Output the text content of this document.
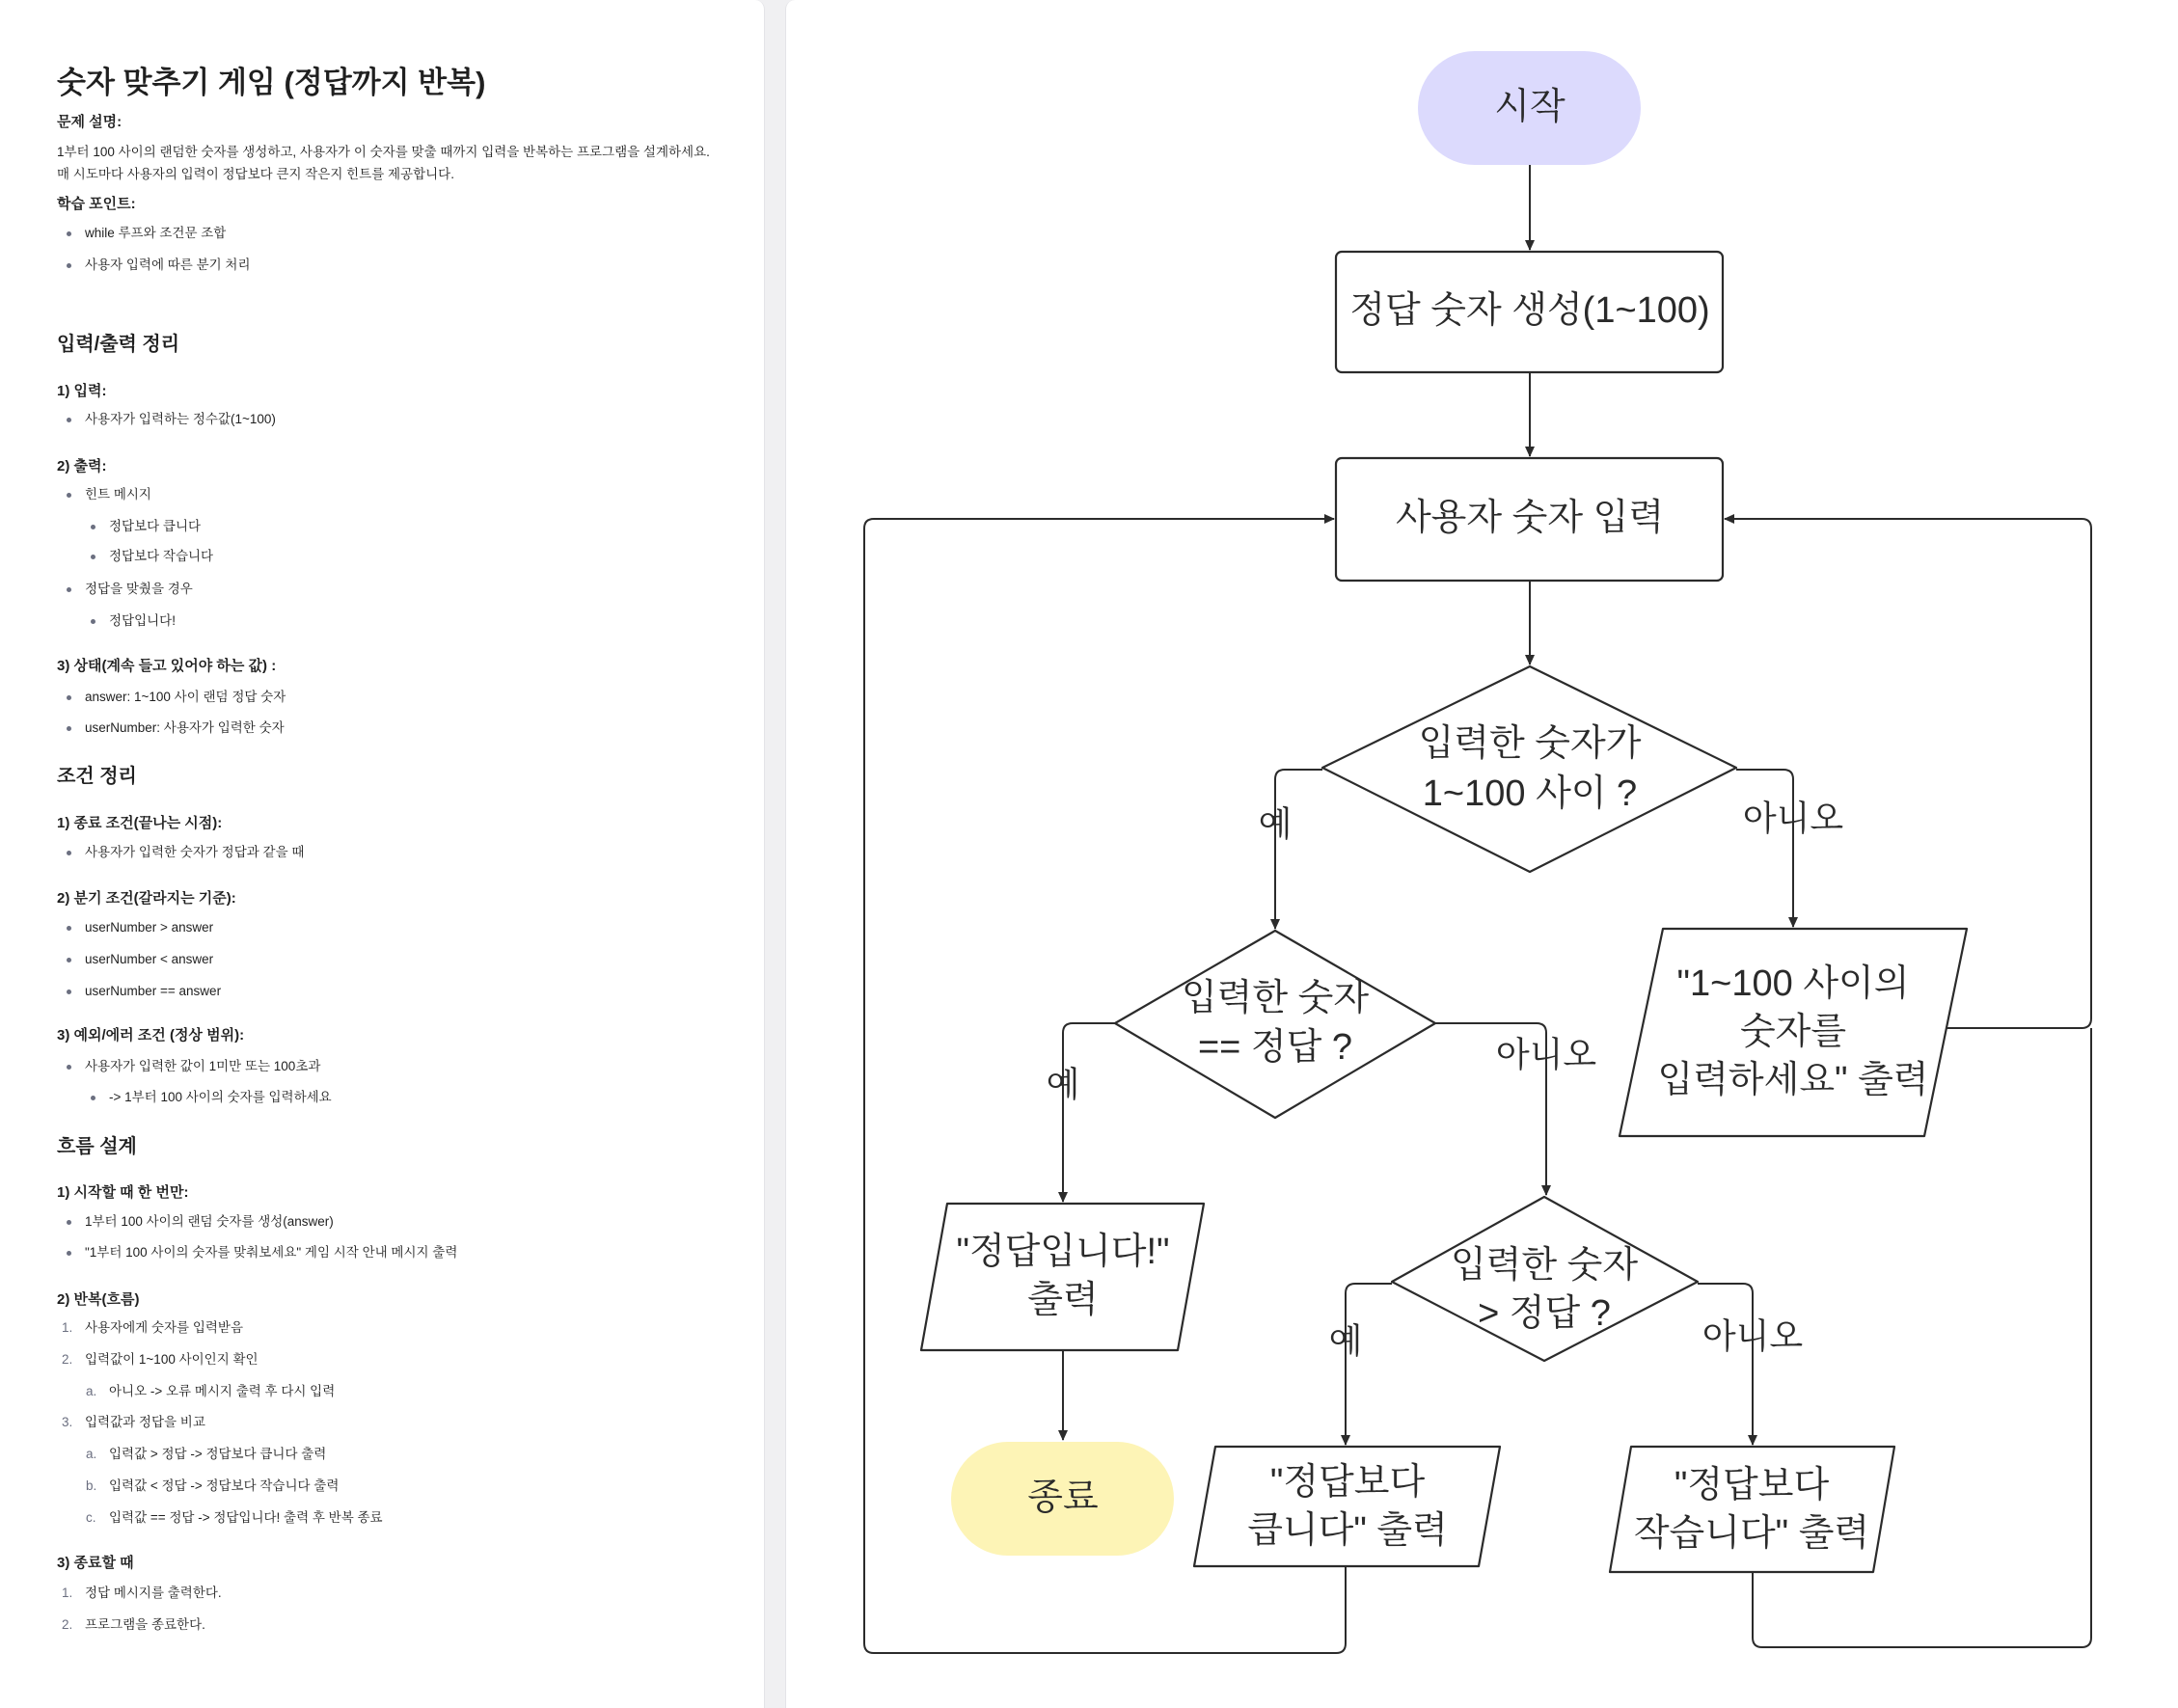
숫자 맞추기 게임 (정답까지 반복)
문제 설명:
1부터 100 사이의 랜덤한 숫자를 생성하고, 사용자가 이 숫자를 맞출 때까지 입력을 반복하는 프로그램을 설계하세요.
매 시도마다 사용자의 입력이 정답보다 큰지 작은지 힌트를 제공합니다.
학습 포인트:
while 루프와 조건문 조합
사용자 입력에 따른 분기 처리
입력/출력 정리
1) 입력:
사용자가 입력하는 정수값(1~100)
2) 출력:
힌트 메시지
정답보다 큽니다
정답보다 작습니다
정답을 맞췄을 경우
정답입니다!
3) 상태(계속 들고 있어야 하는 값) :
answer: 1~100 사이 랜덤 정답 숫자
userNumber: 사용자가 입력한 숫자
조건 정리
1) 종료 조건(끝나는 시점):
사용자가 입력한 숫자가 정답과 같을 때
2) 분기 조건(갈라지는 기준):
userNumber > answer
userNumber < answer
userNumber == answer
3) 예외/에러 조건 (정상 범위):
사용자가 입력한 값이 1미만 또는 100초과
-> 1부터 100 사이의 숫자를 입력하세요
흐름 설계
1) 시작할 때 한 번만:
1부터 100 사이의 랜덤 숫자를 생성(answer)
"1부터 100 사이의 숫자를 맞춰보세요" 게임 시작 안내 메시지 출력
2) 반복(흐름)
1. 사용자에게 숫자를 입력받음
2. 입력값이 1~100 사이인지 확인
a. 아니오 -> 오류 메시지 출력 후 다시 입력
3. 입력값과 정답을 비교
a. 입력값 > 정답 -> 정답보다 큽니다 출력
b. 입력값 < 정답 -> 정답보다 작습니다 출력
c. 입력값 == 정답 -> 정답입니다! 출력 후 반복 종료
3) 종료할 때
1. 정답 메시지를 출력한다.
2. 프로그램을 종료한다.
시작
정답 숫자 생성(1~100)
사용자 숫자 입력
입력한 숫자가
1~100 사이 ?
입력한 숫자
== 정답 ?
"1~100 사이의
숫자를
입력하세요" 출력
"정답입니다!"
출력
종료
입력한 숫자
> 정답 ?
"정답보다
큽니다" 출력
"정답보다
작습니다" 출력
예	아니오
예
아니오
예	아니오
